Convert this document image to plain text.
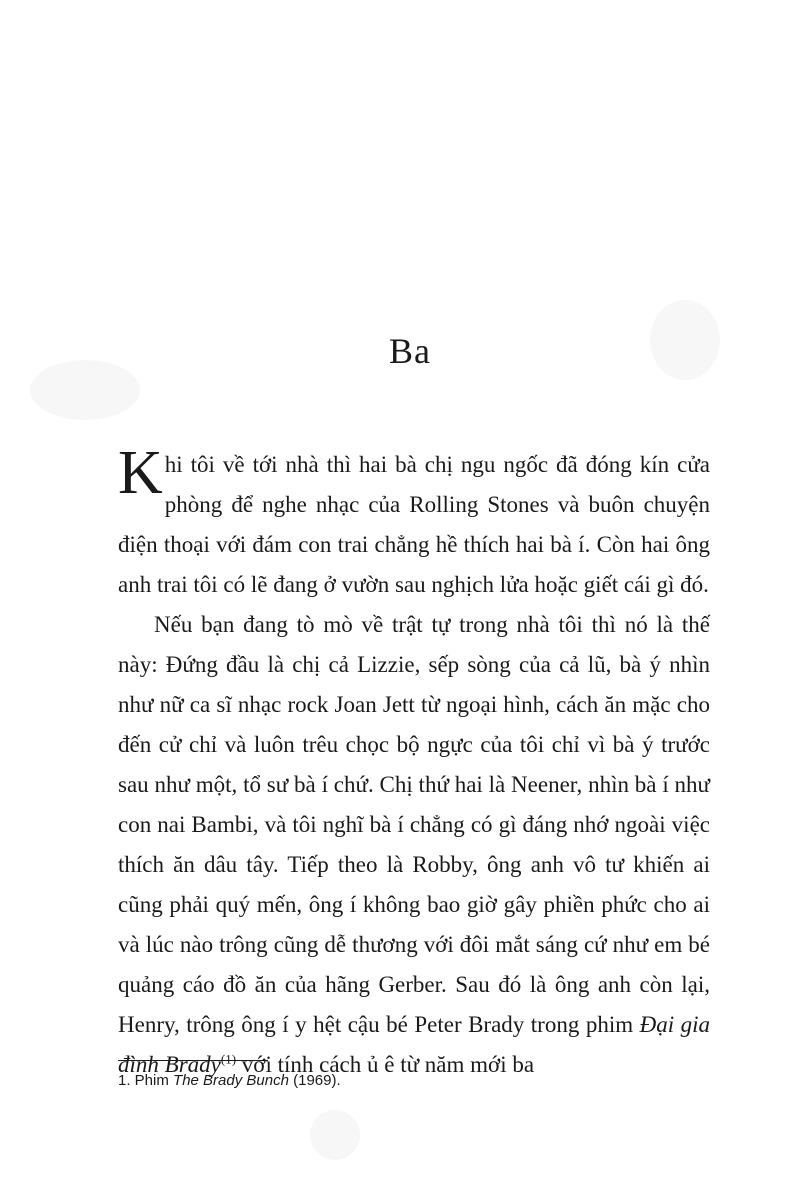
Ba

Khi tôi về tới nhà thì hai bà chị ngu ngốc đã đóng kín cửa phòng để nghe nhạc của Rolling Stones và buôn chuyện điện thoại với đám con trai chẳng hề thích hai bà í. Còn hai ông anh trai tôi có lẽ đang ở vườn sau nghịch lửa hoặc giết cái gì đó.

Nếu bạn đang tò mò về trật tự trong nhà tôi thì nó là thế này: Đứng đầu là chị cả Lizzie, sếp sòng của cả lũ, bà ý nhìn như nữ ca sĩ nhạc rock Joan Jett từ ngoại hình, cách ăn mặc cho đến cử chỉ và luôn trêu chọc bộ ngực của tôi chỉ vì bà ý trước sau như một, tổ sư bà í chứ. Chị thứ hai là Neener, nhìn bà í như con nai Bambi, và tôi nghĩ bà í chẳng có gì đáng nhớ ngoài việc thích ăn dâu tây. Tiếp theo là Robby, ông anh vô tư khiến ai cũng phải quý mến, ông í không bao giờ gây phiền phức cho ai và lúc nào trông cũng dễ thương với đôi mắt sáng cứ như em bé quảng cáo đồ ăn của hãng Gerber. Sau đó là ông anh còn lại, Henry, trông ông í y hệt cậu bé Peter Brady trong phim Đại gia đình Brady$^{(1)}$ với tính cách ủ ê từ năm mới ba

1. Phim The Brady Bunch (1969).
